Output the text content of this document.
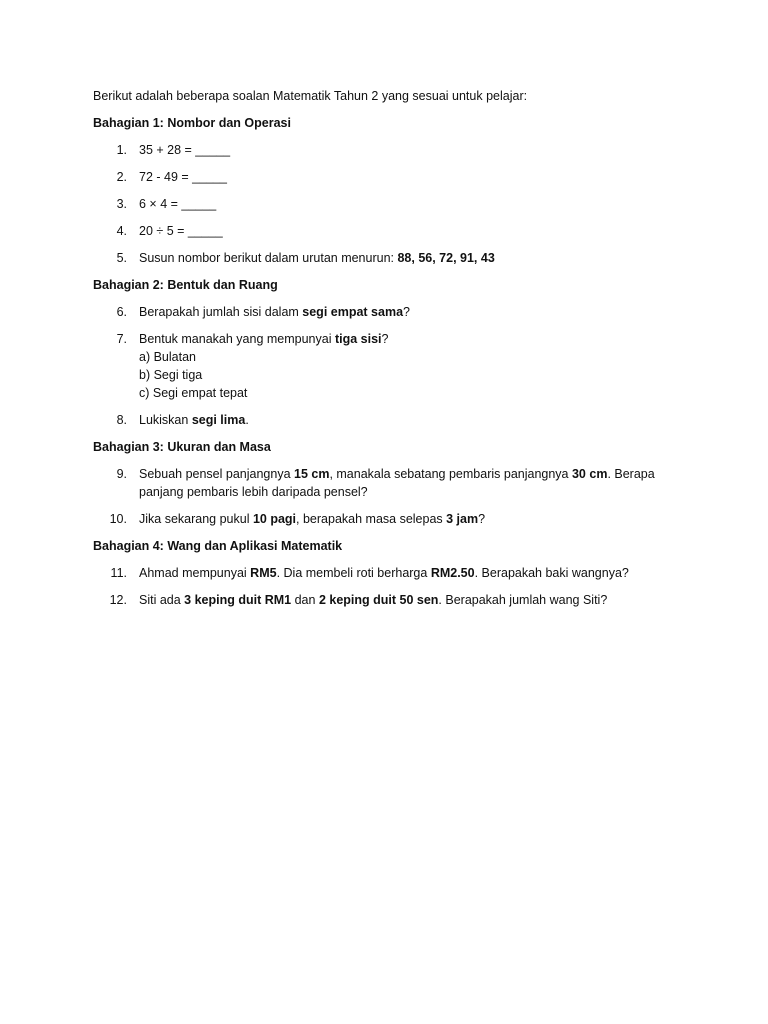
Berikut adalah beberapa soalan Matematik Tahun 2 yang sesuai untuk pelajar:

Bahagian 1: Nombor dan Operasi

1. 35 + 28 = _____
2. 72 - 49 = _____
3. 6 × 4 = _____
4. 20 ÷ 5 = _____
5. Susun nombor berikut dalam urutan menurun: 88, 56, 72, 91, 43

Bahagian 2: Bentuk dan Ruang

6. Berapakah jumlah sisi dalam segi empat sama?
7. Bentuk manakah yang mempunyai tiga sisi?
a) Bulatan
b) Segi tiga
c) Segi empat tepat
8. Lukiskan segi lima.

Bahagian 3: Ukuran dan Masa

9. Sebuah pensel panjangnya 15 cm, manakala sebatang pembaris panjangnya 30 cm. Berapa panjang pembaris lebih daripada pensel?
10. Jika sekarang pukul 10 pagi, berapakah masa selepas 3 jam?

Bahagian 4: Wang dan Aplikasi Matematik

11. Ahmad mempunyai RM5. Dia membeli roti berharga RM2.50. Berapakah baki wangnya?
12. Siti ada 3 keping duit RM1 dan 2 keping duit 50 sen. Berapakah jumlah wang Siti?
